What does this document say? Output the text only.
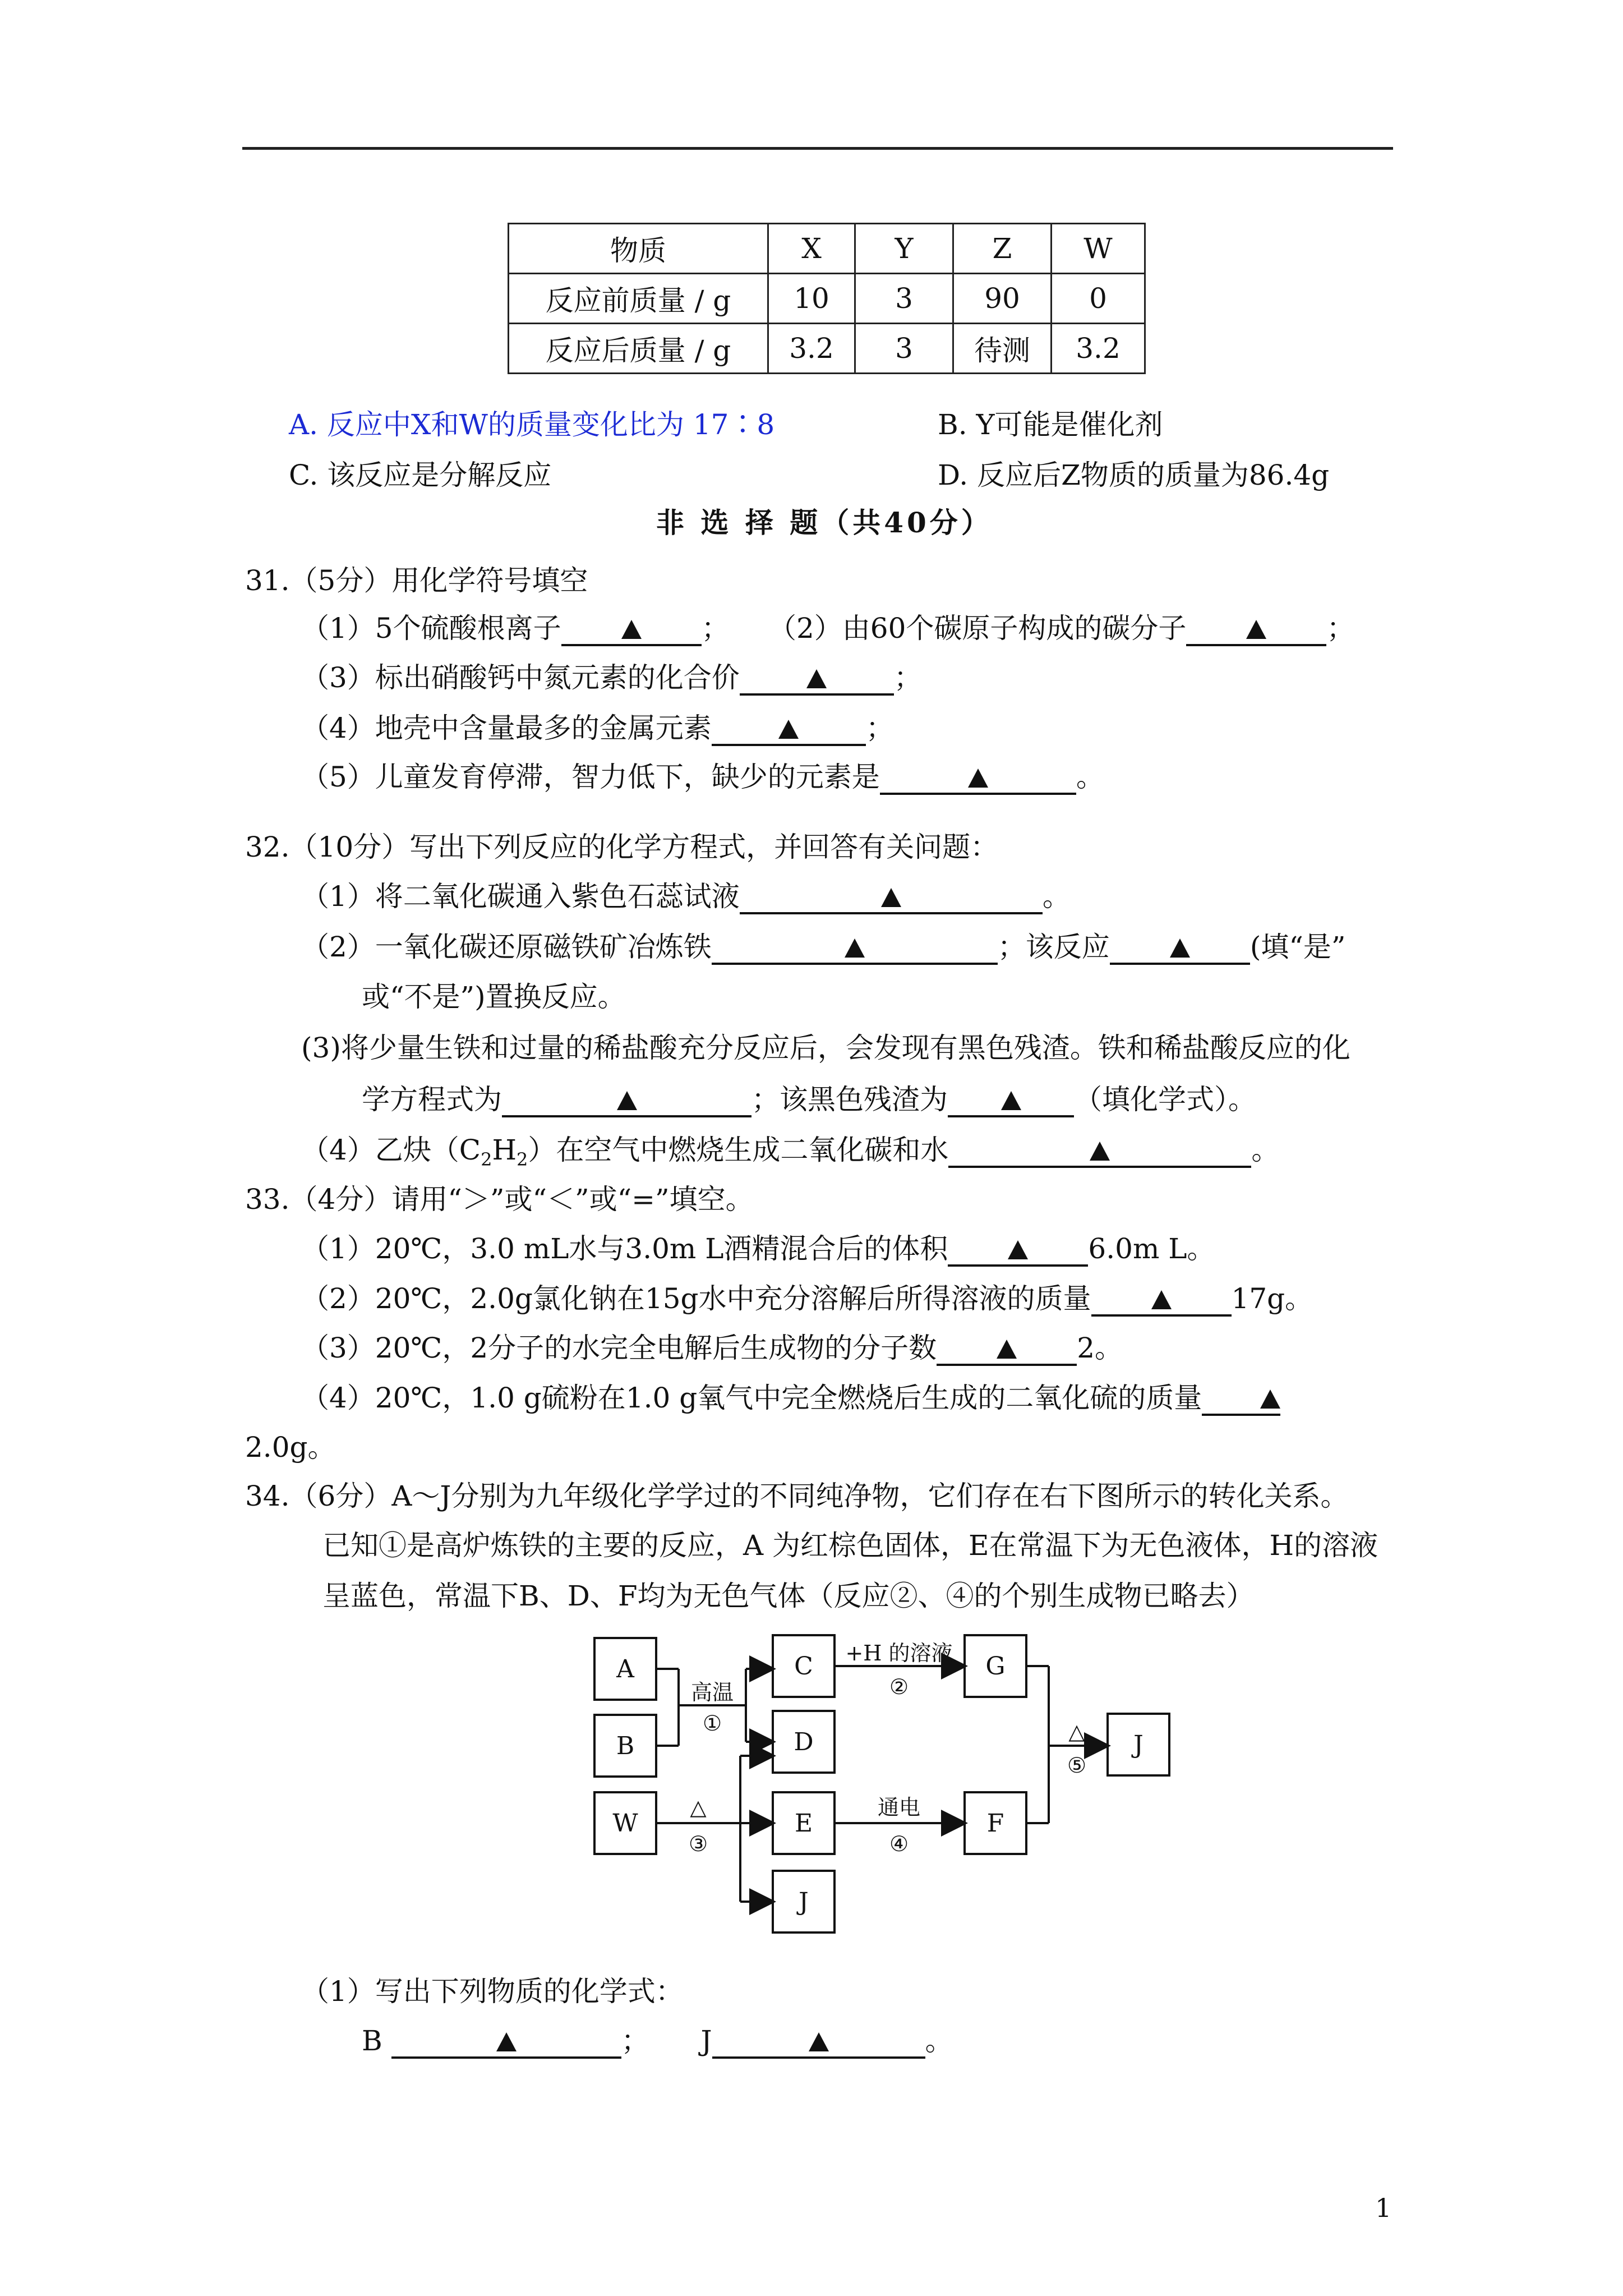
物质	X	Y	Z	W
反应前质量 / g	10	3	90	0
反应后质量 / g	3.2	3	待测	3.2
A. 反应中X和W的质量变化比为 17∶8	B. Y可能是催化剂
C. 该反应是分解反应	D. 反应后Z物质的质量为86.4g
非 选 择 题（共40分）
31.（5分）用化学符号填空
（1）5个硫酸根离子	； （2）由60个碳原子构成的碳分子	；
（3）标出硝酸钙中氮元素的化合价	；
（4）地壳中含量最多的金属元素	；
（5）儿童发育停滞，智力低下，缺少的元素是	。
32.（10分）写出下列反应的化学方程式，并回答有关问题：
（1）将二氧化碳通入紫色石蕊试液	。
（2）一氧化碳还原磁铁矿冶炼铁	；该反应	(填“是”
或“不是”)置换反应。
(3)将少量生铁和过量的稀盐酸充分反应后，会发现有黑色残渣。铁和稀盐酸反应的化
学方程式为	；该黑色残渣为	（填化学式）。
（4）乙炔$(C_2H_2)$在空气中燃烧生成二氧化碳和水	。
33.（4分）请用“＞”或“＜”或“=”填空。
（1）20℃，3.0 mL水与3.0m L酒精混合后的体积	6.0m L。
（2）20℃，2.0g氯化钠在15g水中充分溶解后所得溶液的质量	17g。
（3）20℃，2分子的水完全电解后生成物的分子数	2。
（4）20℃，1.0 g硫粉在1.0 g氧气中完全燃烧后生成的二氧化硫的质量
2.0g。
34.（6分）A～J分别为九年级化学学过的不同纯净物，它们存在右下图所示的转化关系。
已知①是高炉炼铁的主要的反应，A 为红棕色固体，E在常温下为无色液体，H的溶液
呈蓝色，常温下B、D、F均为无色气体（反应②、④的个别生成物已略去）
A
B
C
D
W	E
J
G
F
J
高温
①
+H 的溶液
②
△
③
通电
④
△
⑤
（1）写出下列物质的化学式：
B	； J	。
1
